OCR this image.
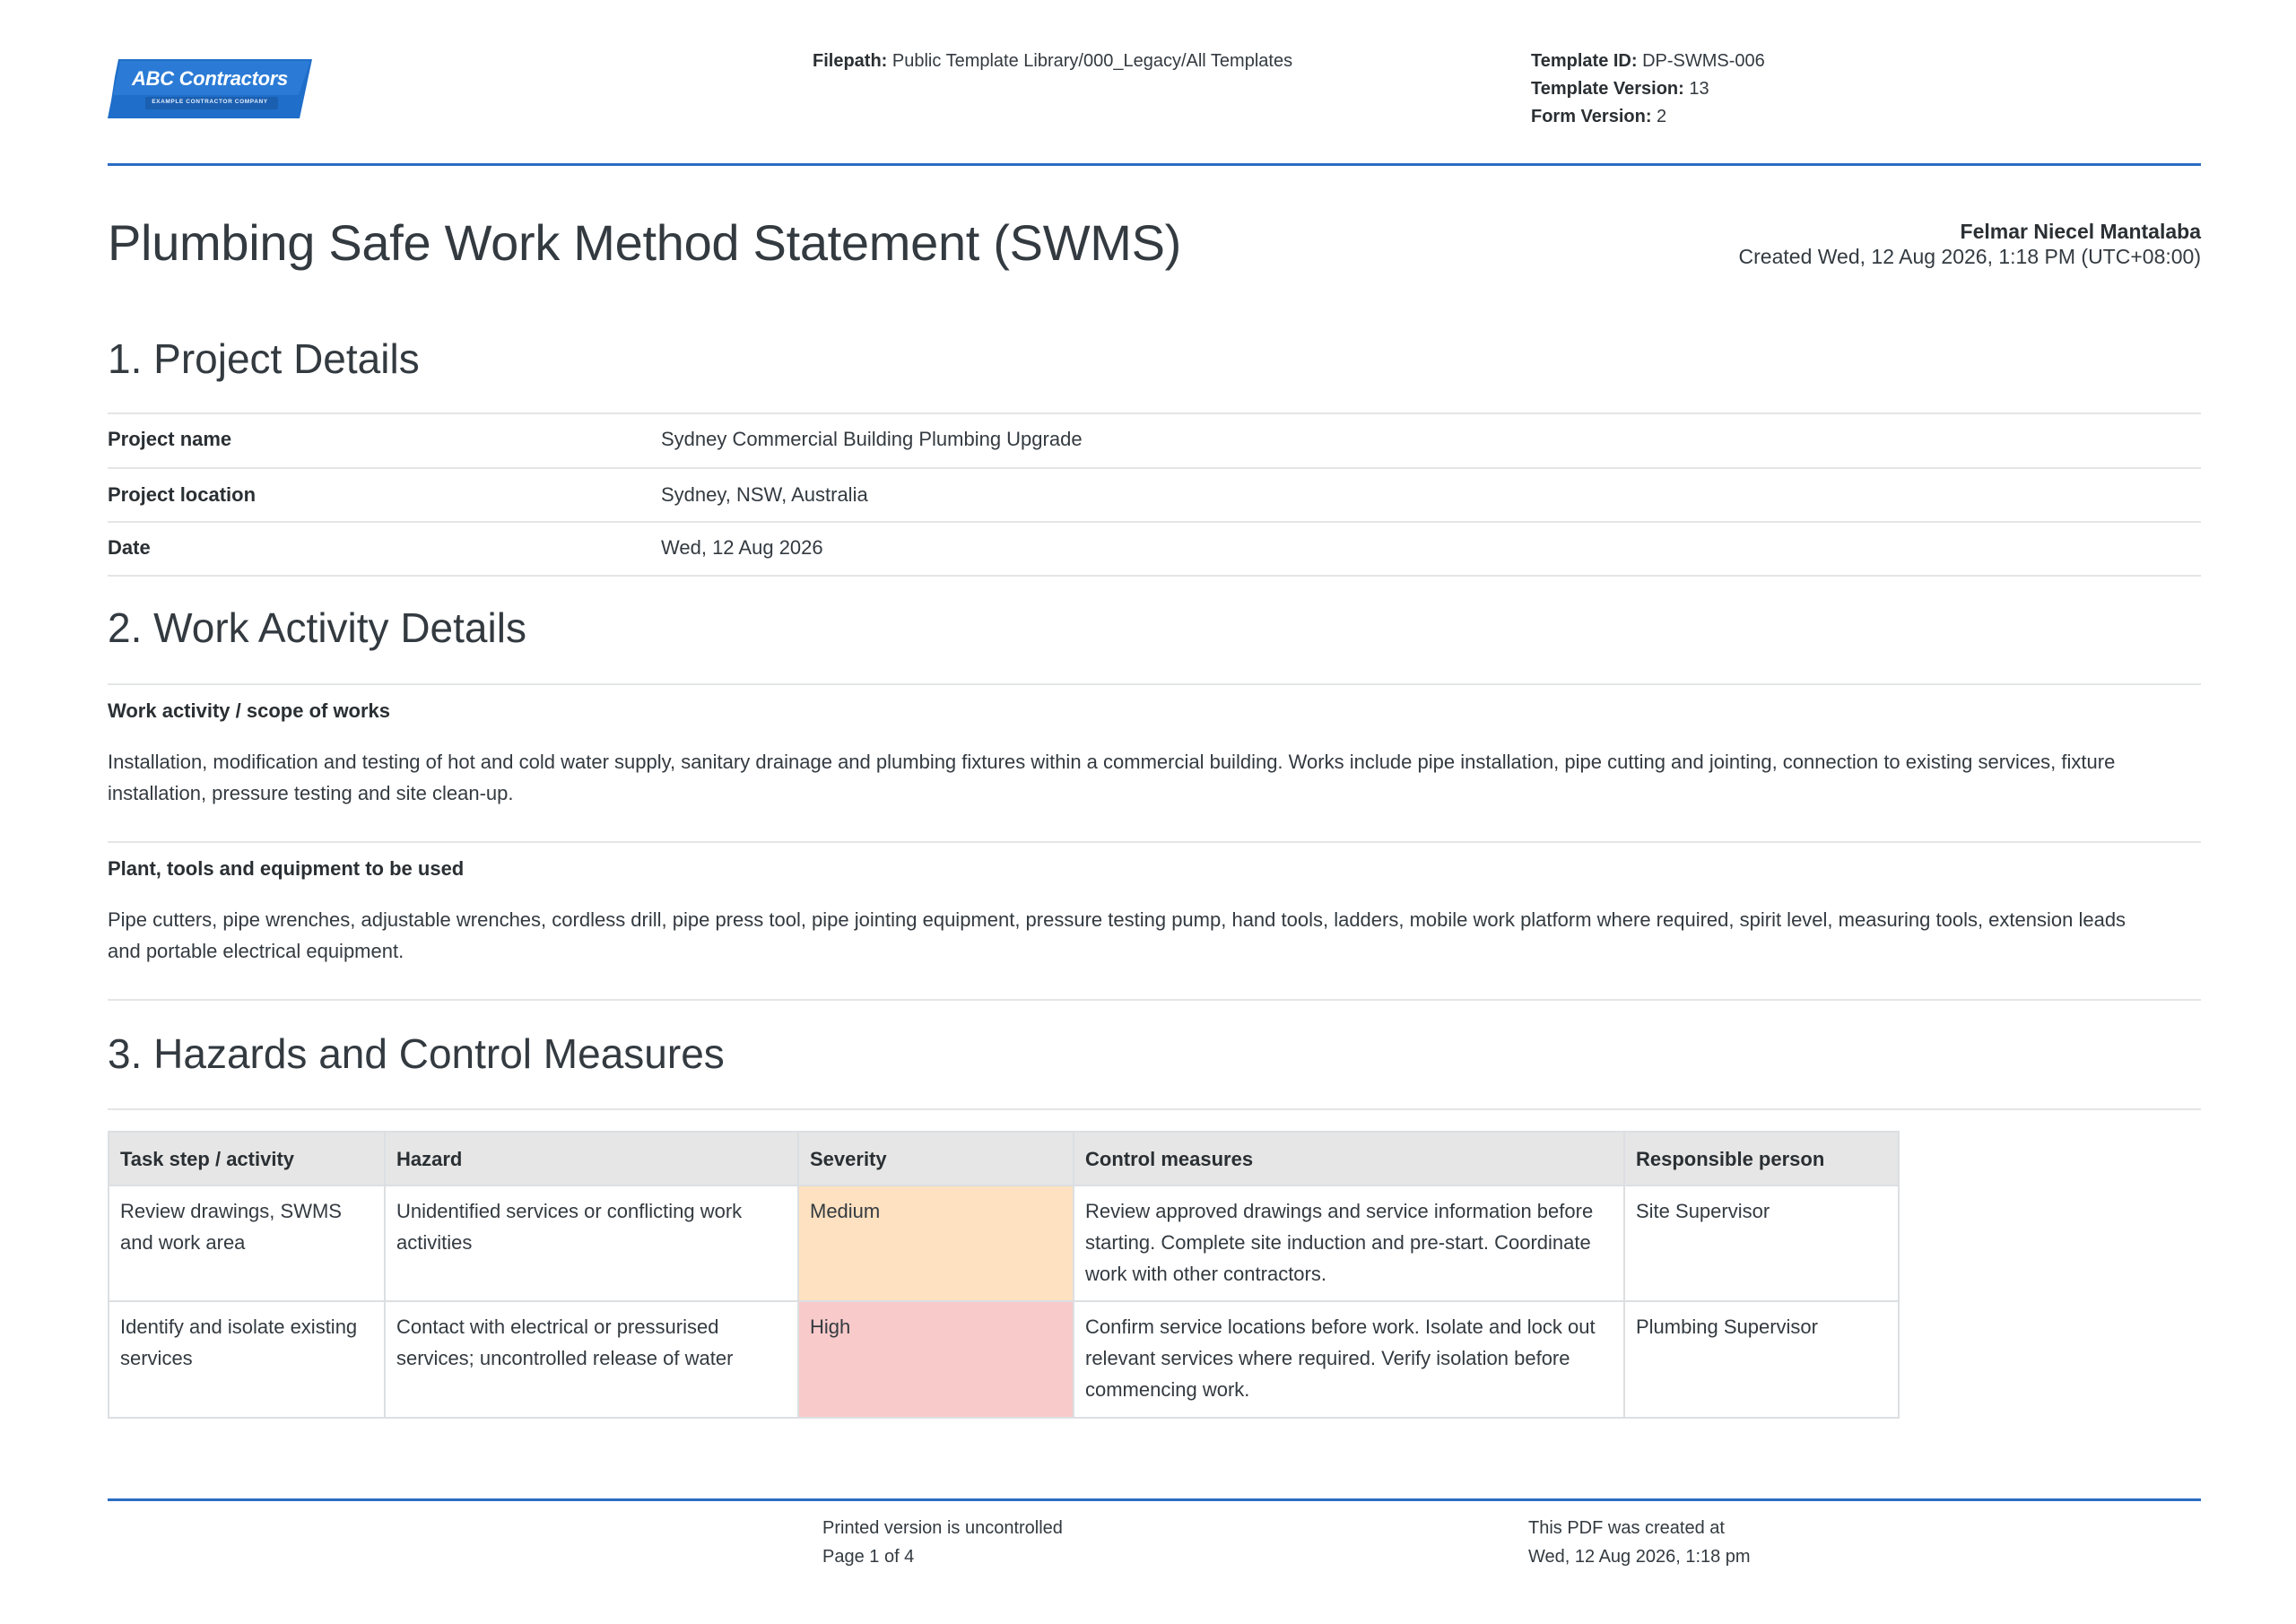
ABC Contractors
EXAMPLE CONTRACTOR COMPANY
Filepath: Public Template Library/000_Legacy/All Templates	Template ID: DP-SWMS-006
Template Version: 13
Form Version: 2
Plumbing Safe Work Method Statement (SWMS)	Felmar Niecel Mantalaba
Created Wed, 12 Aug 2026, 1:18 PM (UTC+08:00)
1. Project Details
Project name	Sydney Commercial Building Plumbing Upgrade
Project location	Sydney, NSW, Australia
Date	Wed, 12 Aug 2026
2. Work Activity Details
Work activity / scope of works
Installation, modification and testing of hot and cold water supply, sanitary drainage and plumbing fixtures within a commercial building. Works include pipe installation, pipe cutting and jointing, connection to existing services, fixture installation, pressure testing and site clean-up.
Plant, tools and equipment to be used
Pipe cutters, pipe wrenches, adjustable wrenches, cordless drill, pipe press tool, pipe jointing equipment, pressure testing pump, hand tools, ladders, mobile work platform where required, spirit level, measuring tools, extension leads and portable electrical equipment.
3. Hazards and Control Measures
Task step / activity	Hazard	Severity	Control measures	Responsible person
Review drawings, SWMS and work area	Unidentified services or conflicting work activities	Medium	Review approved drawings and service information before starting. Complete site induction and pre-start. Coordinate work with other contractors.	Site Supervisor
Identify and isolate existing services	Contact with electrical or pressurised services; uncontrolled release of water	High	Confirm service locations before work. Isolate and lock out relevant services where required. Verify isolation before commencing work.	Plumbing Supervisor
Printed version is uncontrolled
Page 1 of 4
This PDF was created at
Wed, 12 Aug 2026, 1:18 pm
